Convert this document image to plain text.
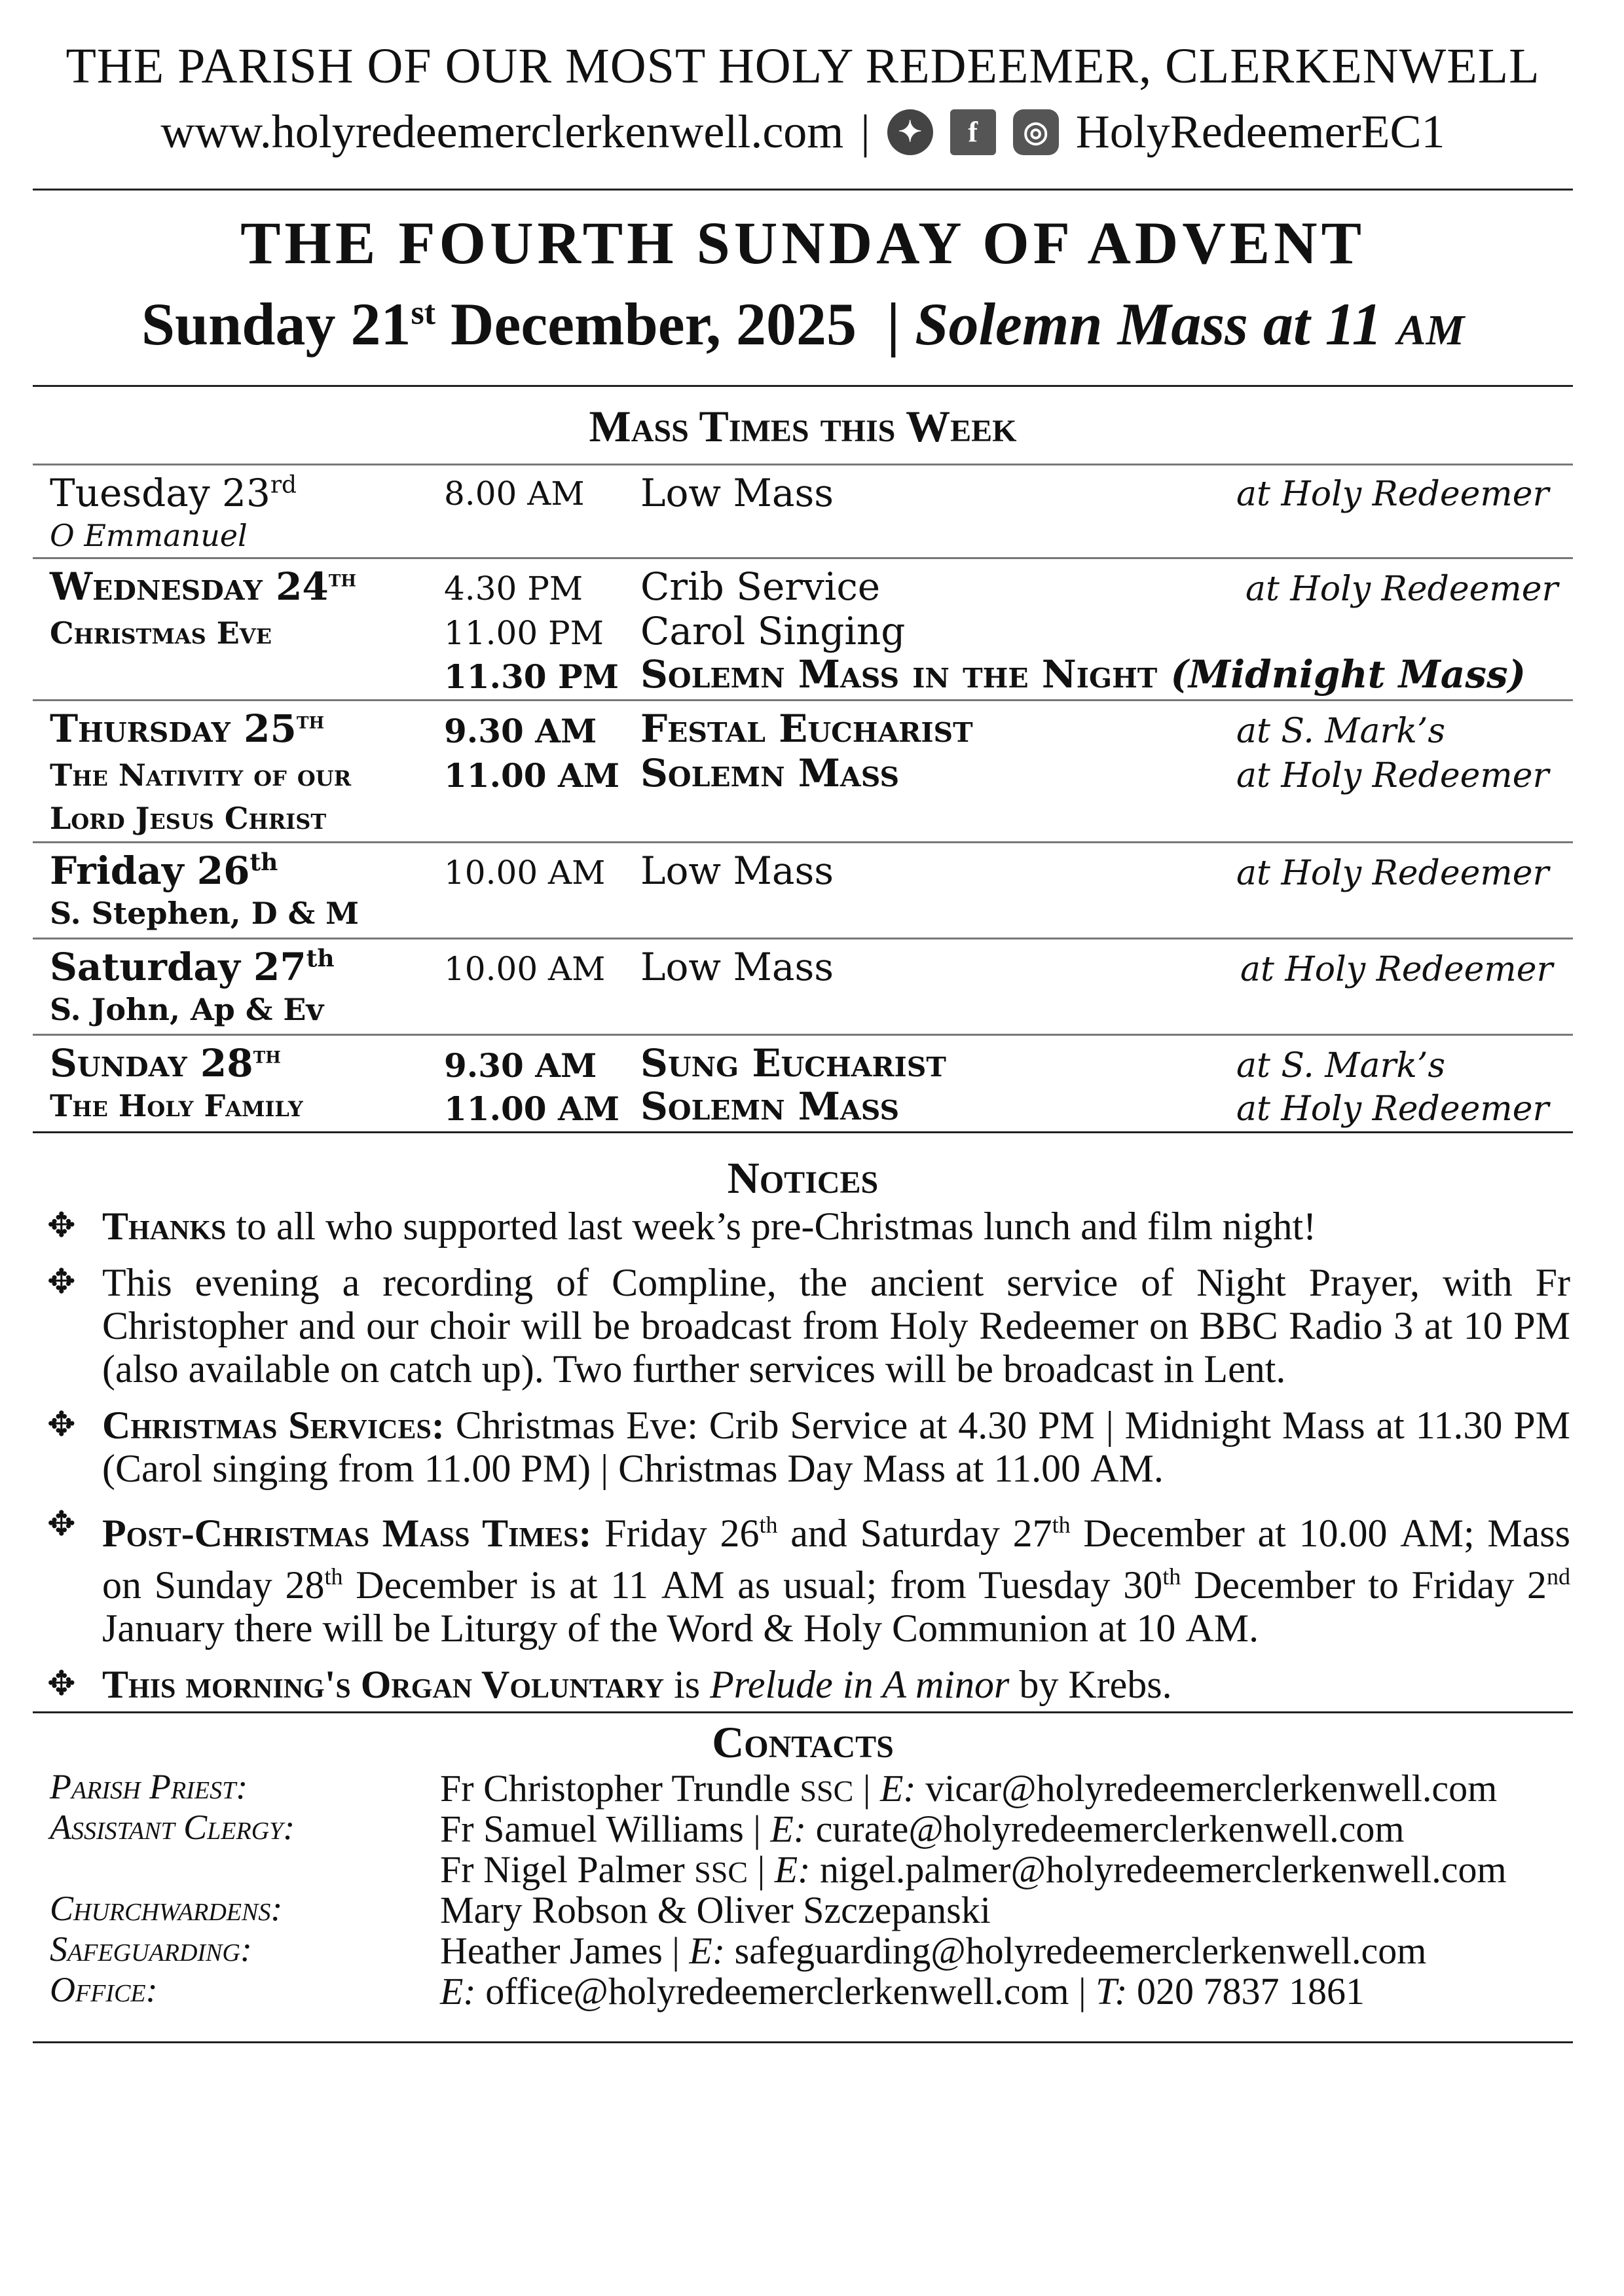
THE PARISH OF OUR MOST HOLY REDEEMER, CLERKENWELL
www.holyredeemerclerkenwell.com | ✦	f	◎ HolyRedeemerEC1
THE FOURTH SUNDAY OF ADVENT
Sunday 21st December, 2025 | Solemn Mass at 11 AM
Mass Times this Week
Tuesday 23rd
O Emmanuel
8.00 AM Low Mass	at Holy Redeemer
Wednesday 24th
Christmas Eve
4.30 PM Crib Service	at Holy Redeemer
11.00 PM Carol Singing
11.30 PM Solemn Mass in the Night (Midnight Mass)
Thursday 25th
The Nativity of our
Lord Jesus Christ
9.30 AM Festal Eucharist	at S. Mark’s
11.00 AM Solemn Mass	at Holy Redeemer
Friday 26th
S. Stephen, D & M
10.00 AM Low Mass	at Holy Redeemer
Saturday 27th
S. John, Ap & Ev
10.00 AM Low Mass	at Holy Redeemer
Sunday 28th
The Holy Family
9.30 AM Sung Eucharist	at S. Mark’s
11.00 AM Solemn Mass	at Holy Redeemer
Notices
✥ Thanks to all who supported last week’s pre-Christmas lunch and film night!
✥ This evening a recording of Compline, the ancient service of Night Prayer, with Fr Christopher and our choir will be broadcast from Holy Redeemer on BBC Radio 3 at 10 PM (also available on catch up). Two further services will be broadcast in Lent.
✥ Christmas Services: Christmas Eve: Crib Service at 4.30 PM | Midnight Mass at 11.30 PM (Carol singing from 11.00 PM) | Christmas Day Mass at 11.00 AM.
✥ Post-Christmas Mass Times: Friday 26th and Saturday 27th December at 10.00 AM; Mass on Sunday 28th December is at 11 AM as usual; from Tuesday 30th December to Friday 2nd January there will be Liturgy of the Word & Holy Communion at 10 AM.
✥ This morning's Organ Voluntary is Prelude in A minor by Krebs.
Contacts
Parish Priest:	Fr Christopher Trundle SSC | E: vicar@holyredeemerclerkenwell.com
Assistant Clergy:	Fr Samuel Williams | E: curate@holyredeemerclerkenwell.com
Fr Nigel Palmer SSC | E: nigel.palmer@holyredeemerclerkenwell.com
Churchwardens:	Mary Robson & Oliver Szczepanski
Safeguarding:	Heather James | E: safeguarding@holyredeemerclerkenwell.com
Office:	E: office@holyredeemerclerkenwell.com | T: 020 7837 1861
